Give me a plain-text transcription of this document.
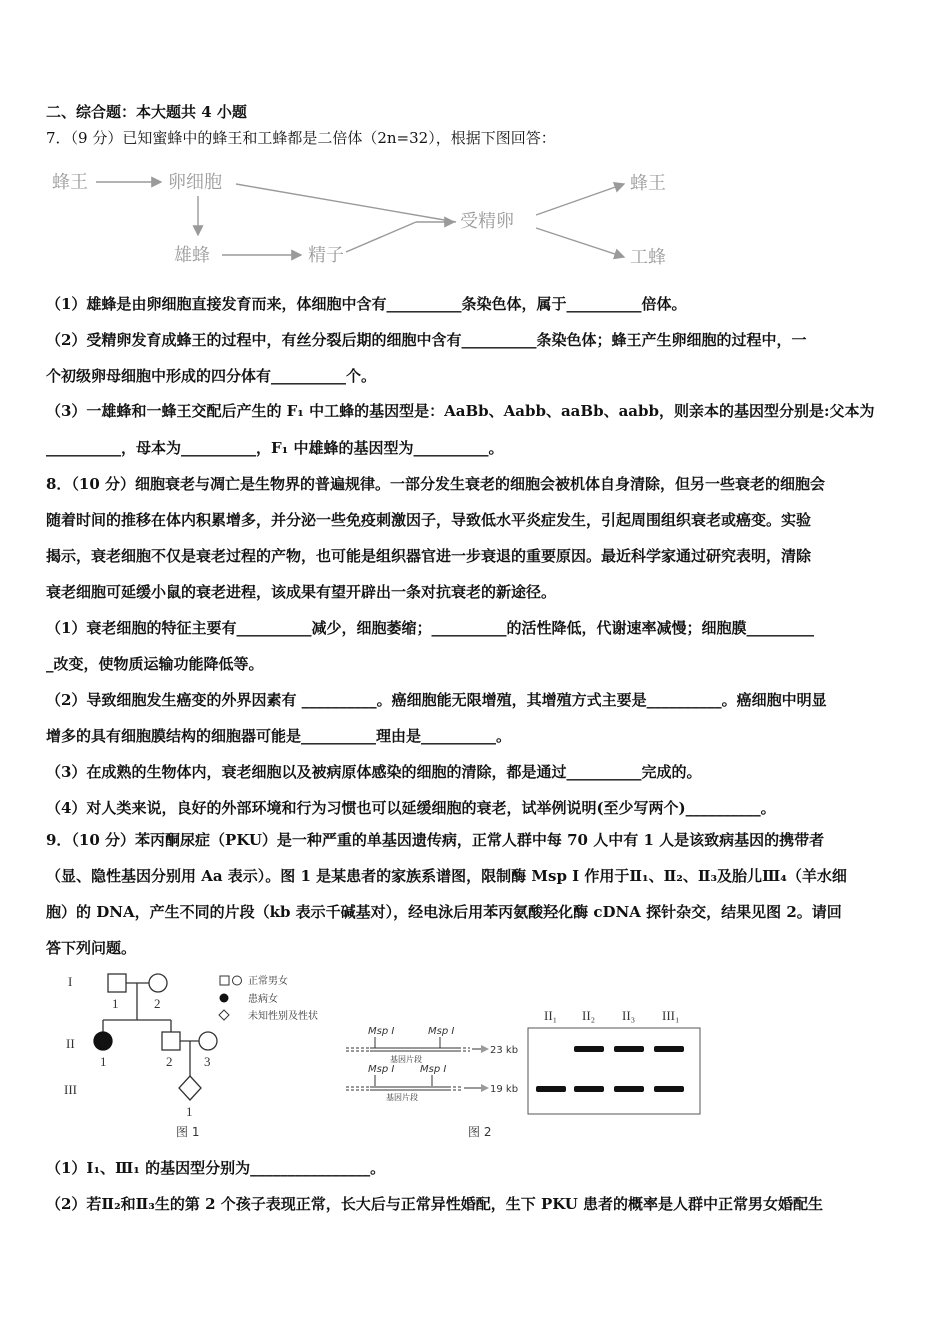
二、综合题：本大题共 4 小题
7．（9 分）已知蜜蜂中的蜂王和工蜂都是二倍体（2n=32），根据下图回答：
蜂王	卵细胞
雄蜂	精子
受精卵
蜂王
工蜂
（1）雄蜂是由卵细胞直接发育而来，体细胞中含有__________条染色体，属于__________倍体。
（2）受精卵发育成蜂王的过程中，有丝分裂后期的细胞中含有__________条染色体；蜂王产生卵细胞的过程中，一
个初级卵母细胞中形成的四分体有__________个。
（3）一雄蜂和一蜂王交配后产生的 F₁ 中工蜂的基因型是：AaBb、Aabb、aaBb、aabb，则亲本的基因型分别是:父本为
__________，母本为__________，F₁ 中雄蜂的基因型为__________。
8．（10 分）细胞衰老与凋亡是生物界的普遍规律。一部分发生衰老的细胞会被机体自身清除，但另一些衰老的细胞会
随着时间的推移在体内积累增多，并分泌一些免疫刺激因子，导致低水平炎症发生，引起周围组织衰老或癌变。实验
揭示，衰老细胞不仅是衰老过程的产物，也可能是组织器官进一步衰退的重要原因。最近科学家通过研究表明，清除
衰老细胞可延缓小鼠的衰老进程，该成果有望开辟出一条对抗衰老的新途径。
（1）衰老细胞的特征主要有__________减少，细胞萎缩；__________的活性降低，代谢速率减慢；细胞膜_________
_改变，使物质运输功能降低等。
（2）导致细胞发生癌变的外界因素有 __________。癌细胞能无限增殖，其增殖方式主要是__________。癌细胞中明显
增多的具有细胞膜结构的细胞器可能是__________理由是__________。
（3）在成熟的生物体内，衰老细胞以及被病原体感染的细胞的清除，都是通过__________完成的。
（4）对人类来说，良好的外部环境和行为习惯也可以延缓细胞的衰老，试举例说明(至少写两个)__________。
9．（10 分）苯丙酮尿症（PKU）是一种严重的单基因遗传病，正常人群中每 70 人中有 1 人是该致病基因的携带者
（显、隐性基因分别用 Aa 表示）。图 1 是某患者的家族系谱图，限制酶 Msp I 作用于Ⅱ₁、Ⅱ₂、Ⅱ₃及胎儿Ⅲ₄（羊水细
胞）的 DNA，产生不同的片段（kb 表示千碱基对），经电泳后用苯丙氨酸羟化酶 cDNA 探针杂交，结果见图 2。请回
答下列问题。
I
II
III
1	2
1	2 3
1
正常男女
患病女
未知性别及性状
图 1
Msp I	Msp I
基因片段
23 kb
Msp I	Msp I
基因片段
19 kb
II₁ II₂ II₃ III₁
图 2
（1）I₁、Ⅲ₁ 的基因型分别为________________。
（2）若Ⅱ₂和Ⅱ₃生的第 2 个孩子表现正常，长大后与正常异性婚配，生下 PKU 患者的概率是人群中正常男女婚配生
